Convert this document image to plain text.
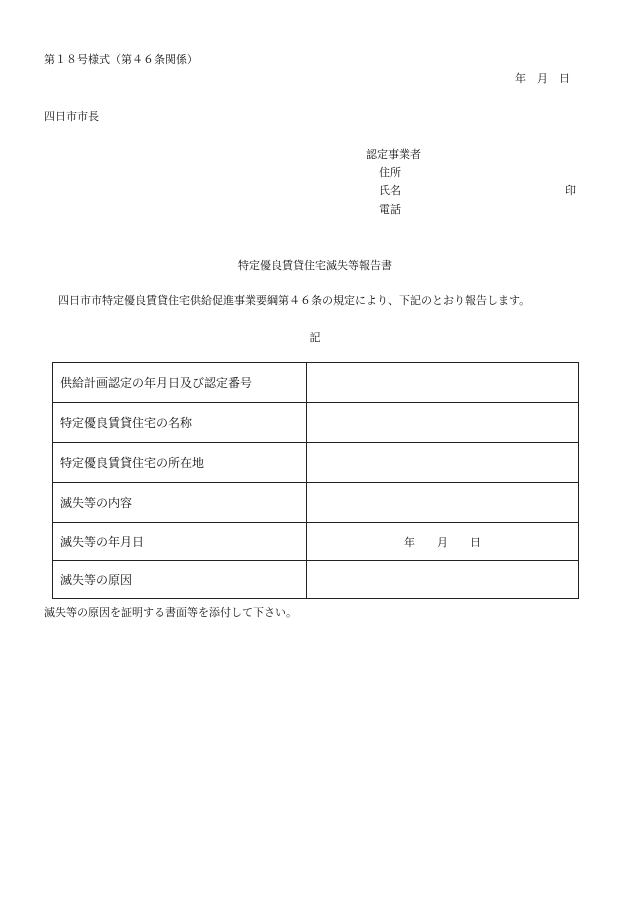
第１８号様式（第４６条関係）
年　月　日
四日市市長
認定事業者
住所
氏名	印
電話
特定優良賃貸住宅滅失等報告書
四日市市特定優良賃貸住宅供給促進事業要綱第４６条の規定により、下記のとおり報告します。
記
供給計画認定の年月日及び認定番号	
特定優良賃貸住宅の名称	
特定優良賃貸住宅の所在地	
滅失等の内容	
滅失等の年月日	年　　月　　日

滅失等の原因	
滅失等の原因を証明する書面等を添付して下さい。
